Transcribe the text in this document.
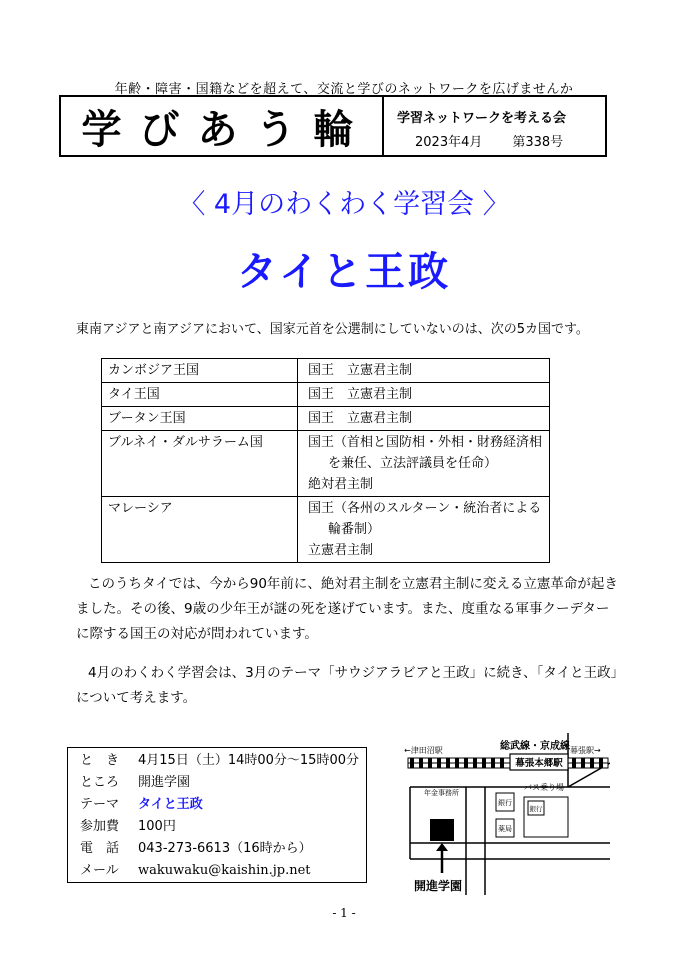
年齢・障害・国籍などを超えて、交流と学びのネットワークを広げませんか
学びあう輪	学習ネットワークを考える会
2023年4月 第338号
〈 4月のわくわく学習会 〉
タイと王政
東南アジアと南アジアにおいて、国家元首を公選制にしていないのは、次の5カ国です。
カンボジア王国	国王　立憲君主制

タイ王国	国王　立憲君主制

ブータン王国	国王　立憲君主制

ブルネイ・ダルサラーム国	国王（首相と国防相・外相・財務経済相
を兼任、立法評議員を任命）
絶対君主制

マレーシア	国王（各州のスルターン・統治者による
輪番制）
立憲君主制
このうちタイでは、今から90年前に、絶対君主制を立憲君主制に変える立憲革命が起きました。その後、9歳の少年王が謎の死を遂げています。また、度重なる軍事クーデターに際する国王の対応が問われています。
4月のわくわく学習会は、3月のテーマ「サウジアラビアと王政」に続き、「タイと王政」について考えます。
と　き	4月15日（土）14時00分～15時00分
ところ	開進学園
テーマ	タイと王政
参加費	100円
電　話	043-273-6613（16時から）
メール	wakuwaku@kaishin.jp.net
幕張本郷駅
←津田沼駅	総武線・京成線 幕張駅→
銀行
薬局
バス乗り場
銀行
年金事務所
開進学園
- 1 -
